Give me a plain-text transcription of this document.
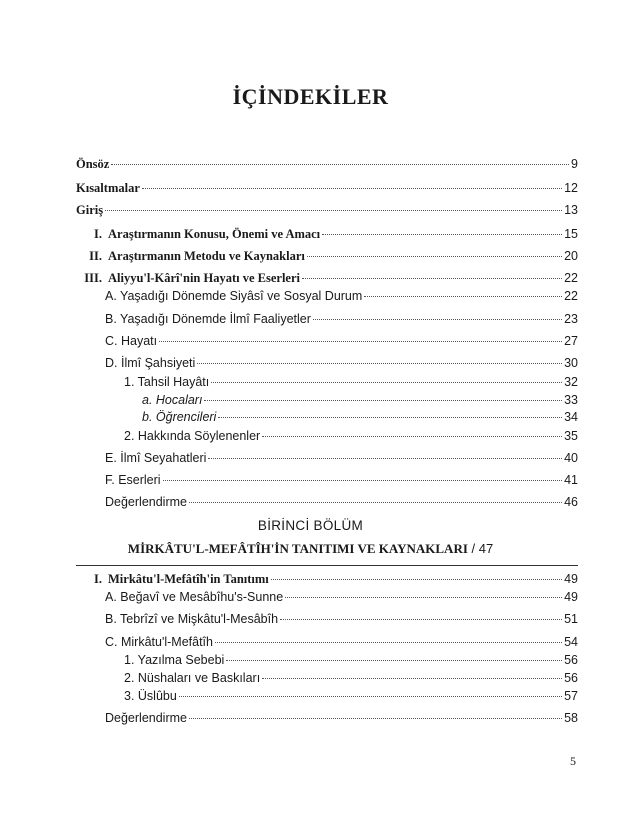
İÇİNDEKİLER
Önsöz	9
Kısaltmalar	12
Giriş	13
I. Araştırmanın Konusu, Önemi ve Amacı	15
II. Araştırmanın Metodu ve Kaynakları	20
III. Aliyyu'l-Kârî'nin Hayatı ve Eserleri	22
A. Yaşadığı Dönemde Siyâsî ve Sosyal Durum	22
B. Yaşadığı Dönemde İlmî Faaliyetler	23
C. Hayatı	27
D. İlmî Şahsiyeti	30
1. Tahsil Hayâtı	32
a. Hocaları	33
b. Öğrencileri	34
2. Hakkında Söylenenler	35
E. İlmî Seyahatleri	40
F. Eserleri	41
Değerlendirme	46
I. Mirkâtu'l-Mefâtîh'in Tanıtımı	49
A. Beğavî ve Mesâbîhu's-Sunne	49
B. Tebrîzî ve Mişkâtu'l-Mesâbîh	51
C. Mirkâtu'l-Mefâtîh	54
1. Yazılma Sebebi	56
2. Nüshaları ve Baskıları	56
3. Üslûbu	57
Değerlendirme	58
BİRİNCİ BÖLÜM
MİRKÂTU'L-MEFÂTÎH'İN TANITIMI VE KAYNAKLARI / 47
5
